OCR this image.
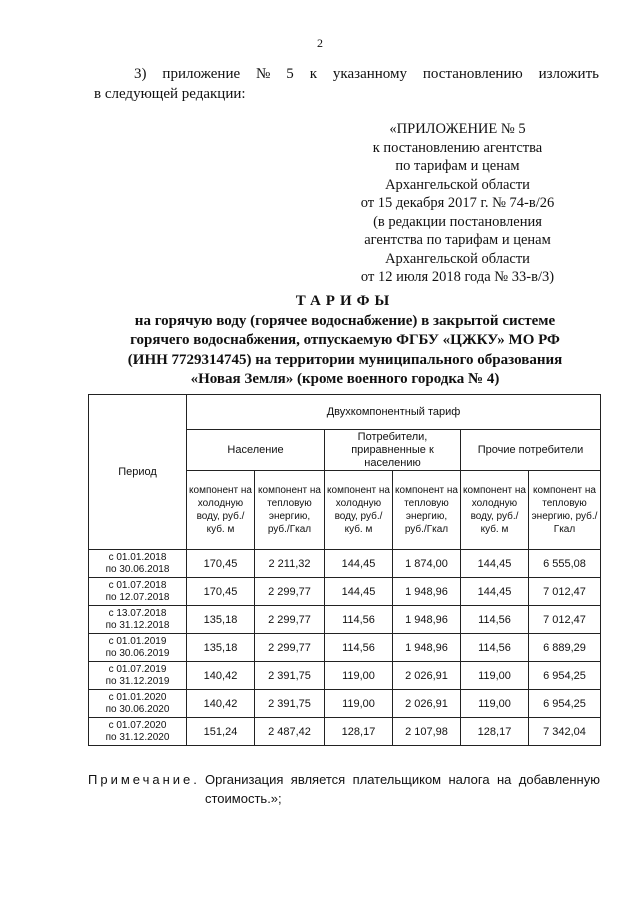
2
3) приложение № 5 к указанному постановлению изложить
в следующей редакции:
«ПРИЛОЖЕНИЕ № 5
к постановлению агентства
по тарифам и ценам
Архангельской области
от 15 декабря 2017 г. № 74-в/26
(в редакции постановления
агентства по тарифам и ценам
Архангельской области
от 12 июля 2018 года № 33-в/3)
ТАРИФЫ
на горячую воду (горячее водоснабжение) в закрытой системе
горячего водоснабжения, отпускаемую ФГБУ «ЦЖКУ» МО РФ
(ИНН 7729314745) на территории муниципального образования
«Новая Земля» (кроме военного городка № 4)
Период	Двухкомпонентный тариф					
	Население		Потребители, приравненные к населению		Прочие потребители	
	компонент на холодную воду, руб./куб. м	компонент на тепловую энергию, руб./Гкал	компонент на холодную воду, руб./куб. м	компонент на тепловую энергию, руб./Гкал	компонент на холодную воду, руб./куб. м	компонент на тепловую энергию, руб./Гкал

с 01.01.2018
по 30.06.2018	170,45	2 211,32	144,45	1 874,00	144,45	6 555,08

с 01.07.2018
по 12.07.2018	170,45	2 299,77	144,45	1 948,96	144,45	7 012,47

с 13.07.2018
по 31.12.2018	135,18	2 299,77	114,56	1 948,96	114,56	7 012,47

с 01.01.2019
по 30.06.2019	135,18	2 299,77	114,56	1 948,96	114,56	6 889,29

с 01.07.2019
по 31.12.2019	140,42	2 391,75	119,00	2 026,91	119,00	6 954,25

с 01.01.2020
по 30.06.2020	140,42	2 391,75	119,00	2 026,91	119,00	6 954,25

с 01.07.2020
по 31.12.2020	151,24	2 487,42	128,17	2 107,98	128,17	7 342,04
Примечание. Организация является плательщиком налога на добавленную стоимость.»;
